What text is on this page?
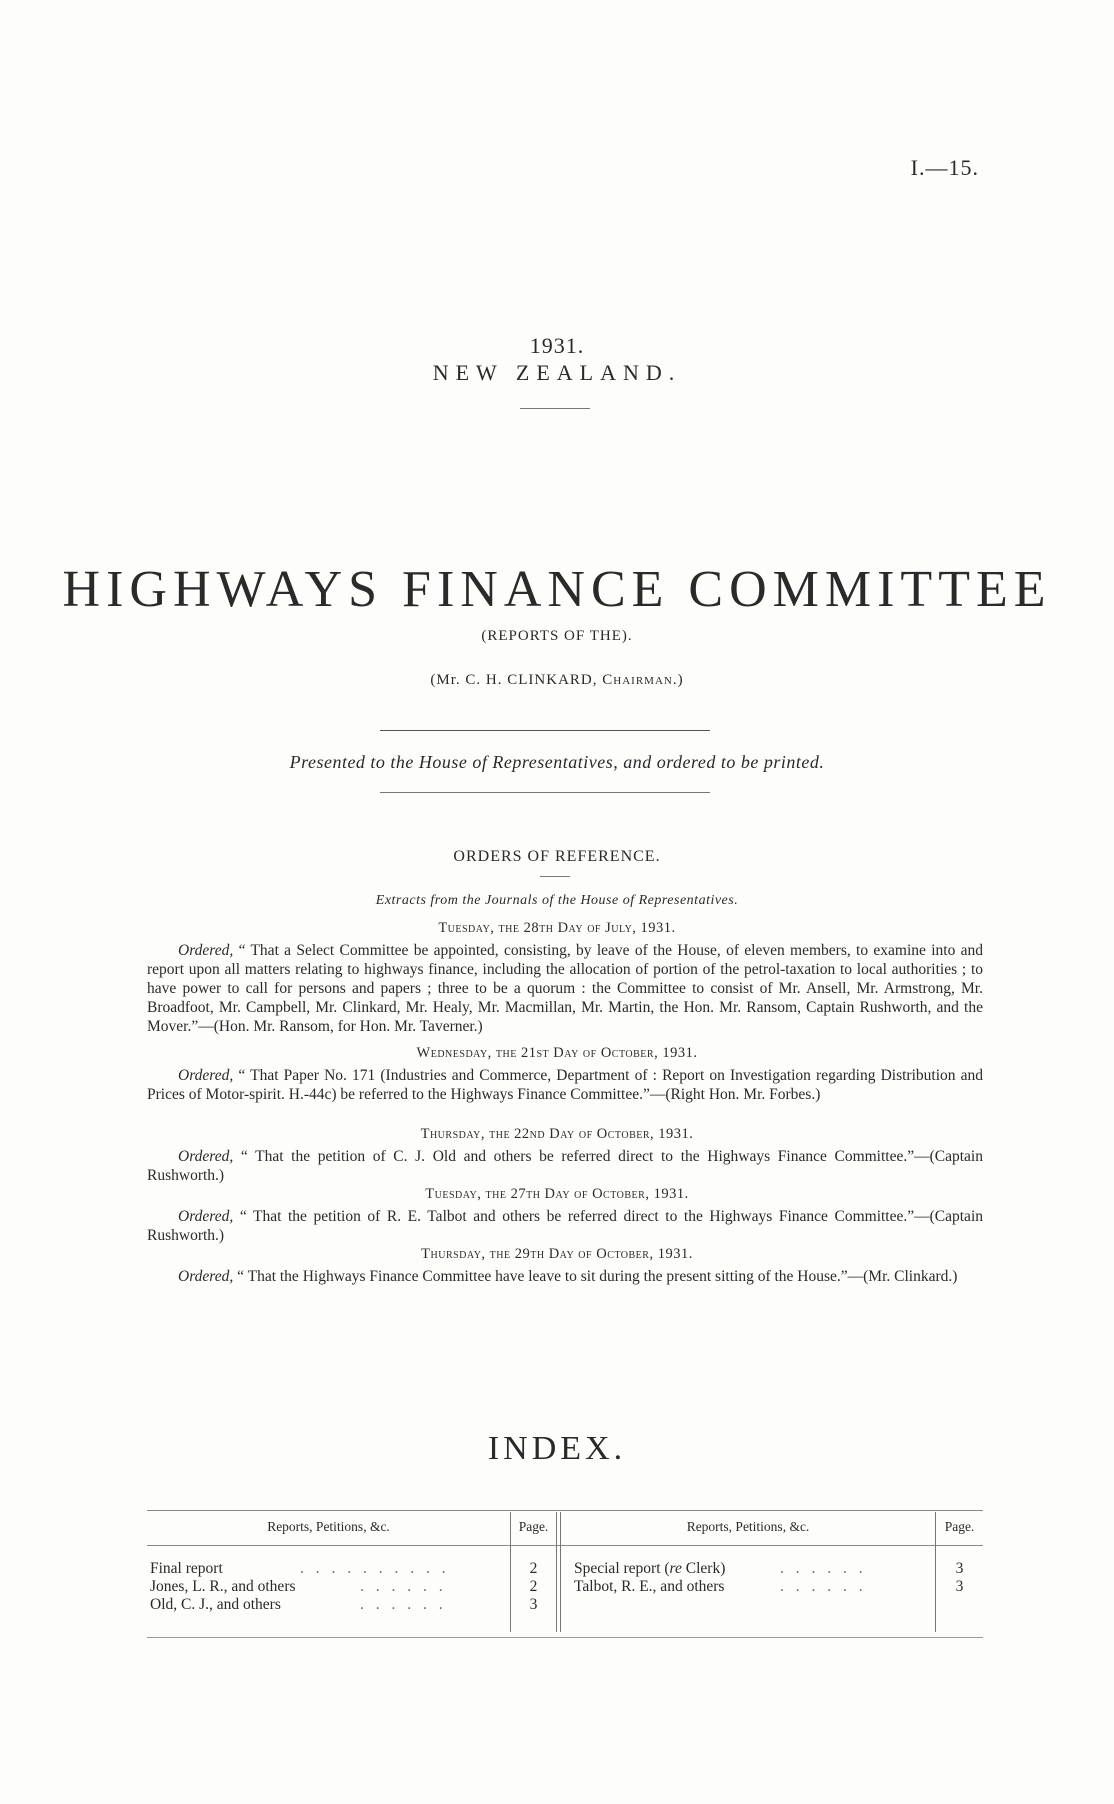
I.—15.
1931.
NEW ZEALAND.
HIGHWAYS FINANCE COMMITTEE
(REPORTS OF THE).
(Mr. C. H. CLINKARD, Chairman.)
Presented to the House of Representatives, and ordered to be printed.
ORDERS OF REFERENCE.
Extracts from the Journals of the House of Representatives.
Tuesday, the 28th Day of July, 1931.
  Ordered, “ That a Select Committee be appointed, consisting, by leave of the House, of eleven members, to examine into and report upon all matters relating to highways finance, including the allocation of portion of the petrol-taxation to local authorities ; to have power to call for persons and papers ; three to be a quorum : the Committee to consist of Mr. Ansell, Mr. Armstrong, Mr. Broadfoot, Mr. Campbell, Mr. Clinkard, Mr. Healy, Mr. Macmillan, Mr. Martin, the Hon. Mr. Ransom, Captain Rushworth, and the Mover.”—(Hon. Mr. Ransom, for Hon. Mr. Taverner.)
Wednesday, the 21st Day of October, 1931.
  Ordered, “ That Paper No. 171 (Industries and Commerce, Department of : Report on Investigation regarding Distribution and Prices of Motor-spirit. H.-44c) be referred to the Highways Finance Committee.”—(Right Hon. Mr. Forbes.)
Thursday, the 22nd Day of October, 1931.
  Ordered, “ That the petition of C. J. Old and others be referred direct to the Highways Finance Committee.”—(Captain Rushworth.)
Tuesday, the 27th Day of October, 1931.
  Ordered, “ That the petition of R. E. Talbot and others be referred direct to the Highways Finance Committee.”—(Captain Rushworth.)
Thursday, the 29th Day of October, 1931.
  Ordered, “ That the Highways Finance Committee have leave to sit during the present sitting of the House.”—(Mr. Clinkard.)
INDEX.
Reports, Petitions, &c.	Page.	Reports, Petitions, &c.	Page.
Final report	. . . . . . . . . .	2
Jones, L. R., and others	. . . . . .	2
Old, C. J., and others	. . . . . .	3
Special report (re Clerk)	. . . . . .	3
Talbot, R. E., and others	. . . . . .	3
